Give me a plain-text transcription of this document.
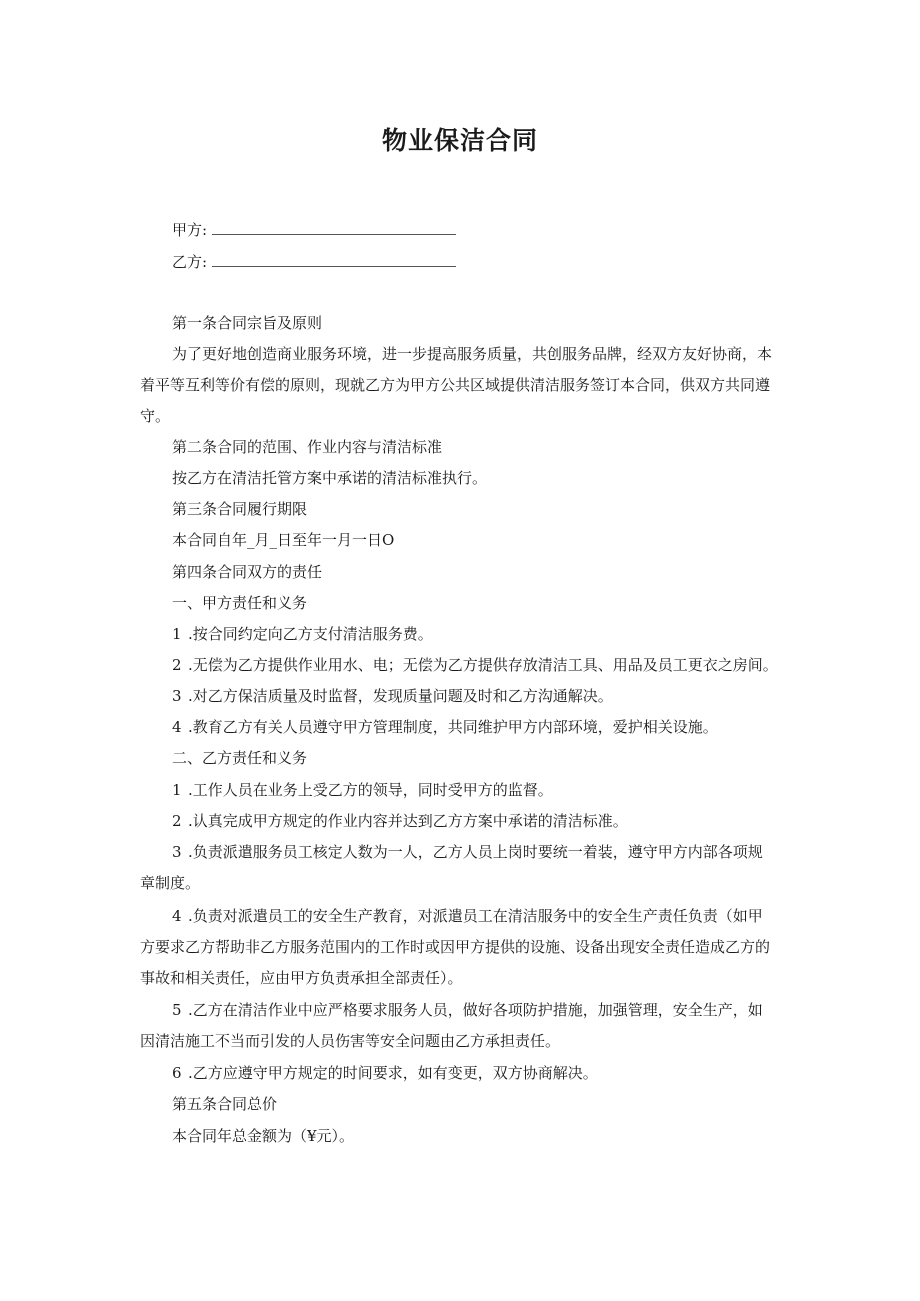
物业保洁合同
甲方:
乙方:
第一条合同宗旨及原则
为了更好地创造商业服务环境，进一步提高服务质量，共创服务品牌，经双方友好协商，本
着平等互利等价有偿的原则，现就乙方为甲方公共区域提供清洁服务签订本合同，供双方共同遵
守。
第二条合同的范围、作业内容与清洁标准
按乙方在清洁托管方案中承诺的清洁标准执行。
第三条合同履行期限
本合同自年_月_日至年一月一日O
第四条合同双方的责任
一、甲方责任和义务
1 .按合同约定向乙方支付清洁服务费。
2 .无偿为乙方提供作业用水、电；无偿为乙方提供存放清洁工具、用品及员工更衣之房间。
3 .对乙方保洁质量及时监督，发现质量问题及时和乙方沟通解决。
4 .教育乙方有关人员遵守甲方管理制度，共同维护甲方内部环境，爱护相关设施。
二、乙方责任和义务
1 .工作人员在业务上受乙方的领导，同时受甲方的监督。
2 .认真完成甲方规定的作业内容并达到乙方方案中承诺的清洁标准。
3 .负责派遣服务员工核定人数为一人，乙方人员上岗时要统一着装，遵守甲方内部各项规
章制度。
4 .负责对派遣员工的安全生产教育，对派遣员工在清洁服务中的安全生产责任负责（如甲
方要求乙方帮助非乙方服务范围内的工作时或因甲方提供的设施、设备出现安全责任造成乙方的
事故和相关责任，应由甲方负责承担全部责任）。
5 .乙方在清洁作业中应严格要求服务人员，做好各项防护措施，加强管理，安全生产，如
因清洁施工不当而引发的人员伤害等安全问题由乙方承担责任。
6 .乙方应遵守甲方规定的时间要求，如有变更，双方协商解决。
第五条合同总价
本合同年总金额为（¥元）。
